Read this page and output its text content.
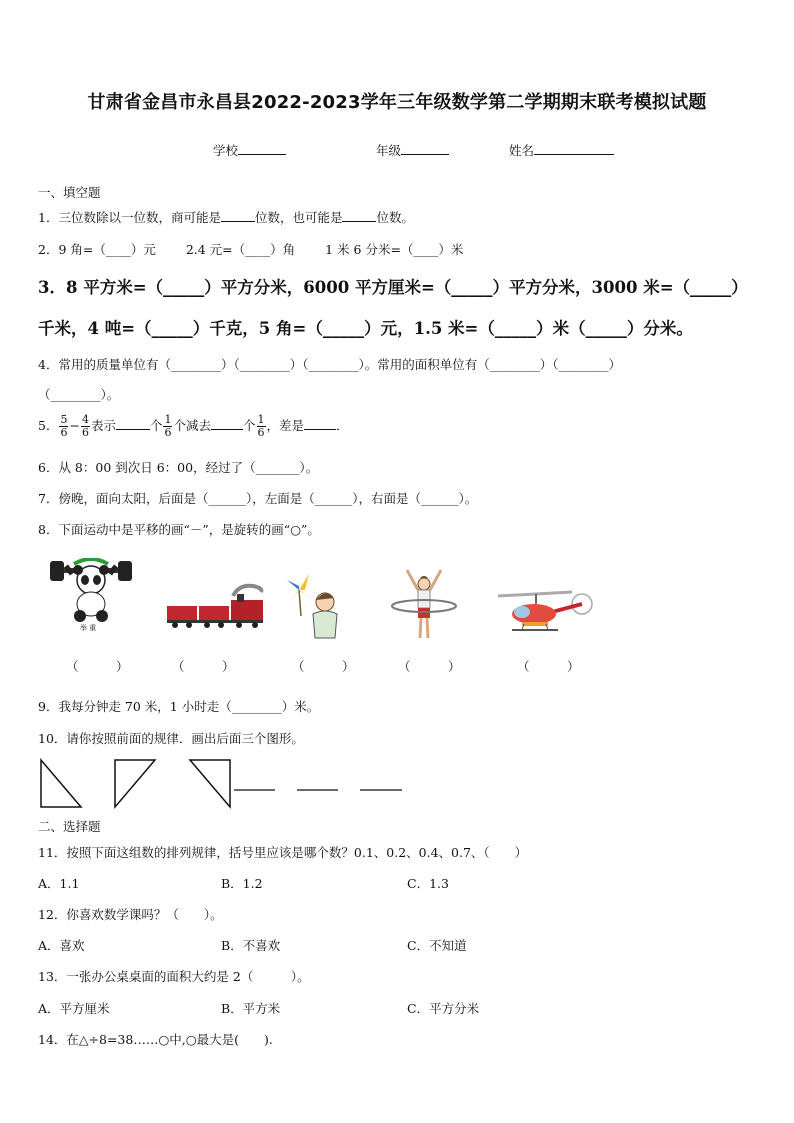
甘肃省金昌市永昌县2022-2023学年三年级数学第二学期期末联考模拟试题
学校	年级	姓名
一、填空题
1．三位数除以一位数，商可能是	位数，也可能是	位数。
2．9 角=（____）元 2.4 元=（____）角 1 米 6 分米=（____）米
3．8 平方米=（_____）平方分米，6000 平方厘米=（_____）平方分米，3000 米=（_____）
千米，4 吨=（_____）千克，5 角=（_____）元，1.5 米=（_____）米（_____）分米。
4．常用的质量单位有（________）（________）（________）。常用的面积单位有（________）（________）
（________）。
5． $\frac{5}{6} - \frac{4}{6}$ 表示	个 $\frac{1}{6}$ 个减去	个 $\frac{1}{6}$ ，差是	．
6．从 8：00 到次日 6：00，经过了（_______）。
7．傍晚，面向太阳，后面是（______），左面是（______），右面是（______）。
8．下面运动中是平移的画“－”，是旋转的画“○”。
举 重
（　　　）	（　　　）	（　　　）	（　　　）	（　　　）
9．我每分钟走 70 米，1 小时走（________）米。
10．请你按照前面的规律．画出后面三个图形。
二、选择题
11．按照下面这组数的排列规律，括号里应该是哪个数？0.1、0.2、0.4、0.7、（　　）
A．1.1	B．1.2	C．1.3
12．你喜欢数学课吗？（　　）。
A．喜欢	B．不喜欢	C．不知道
13．一张办公桌桌面的面积大约是 2（　　　）。
A．平方厘米	B．平方米	C．平方分米
14．在△÷8=38……○中,○最大是(　　).
